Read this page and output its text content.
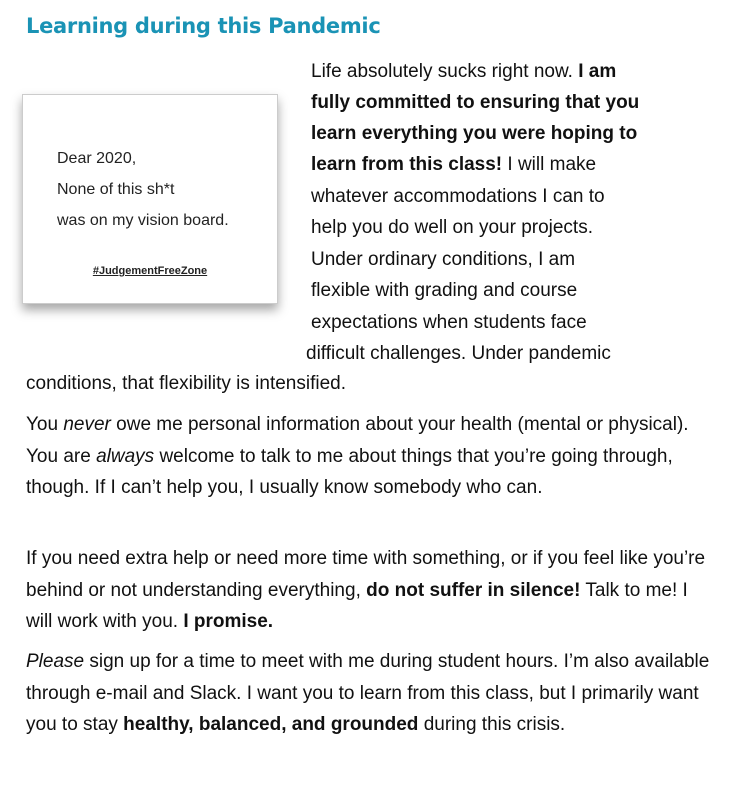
Learning during this Pandemic
Dear 2020,
None of this sh*t
was on my vision board.
#JudgementFreeZone
Life absolutely sucks right now. I am
fully committed to ensuring that you
learn everything you were hoping to
learn from this class! I will make
whatever accommodations I can to
help you do well on your projects.
Under ordinary conditions, I am
flexible with grading and course
expectations when students face
difficult challenges. Under pandemic
conditions, that flexibility is intensified.

You never owe me personal information about your health (mental or physical). You are always welcome to talk to me about things that you’re going through, though. If I can’t help you, I usually know somebody who can.

If you need extra help or need more time with something, or if you feel like you’re behind or not understanding everything, do not suffer in silence! Talk to me! I will work with you. I promise.

Please sign up for a time to meet with me during student hours. I’m also available through e-mail and Slack. I want you to learn from this class, but I primarily want you to stay healthy, balanced, and grounded during this crisis.
